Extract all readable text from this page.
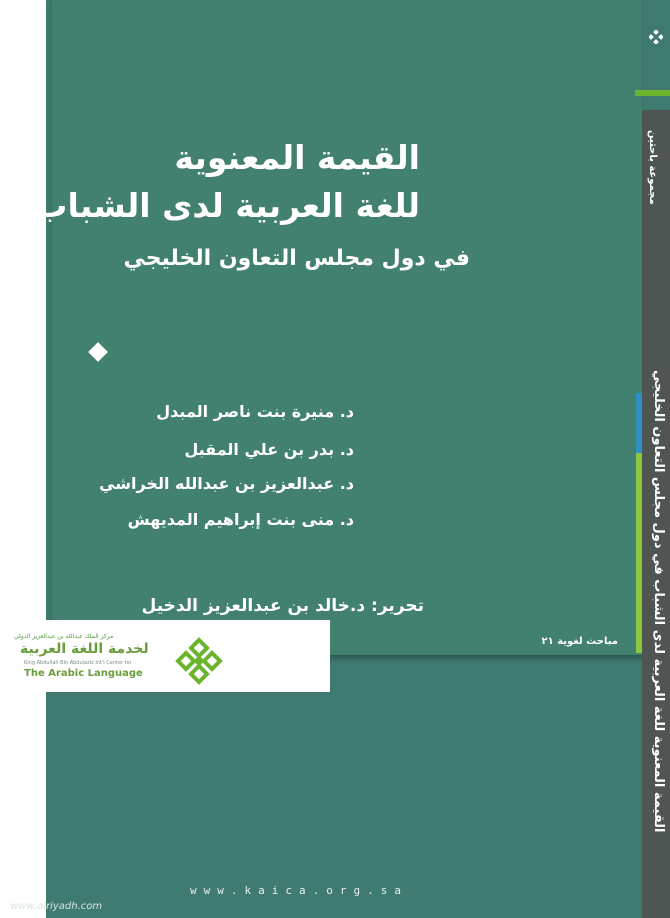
القيمة المعنوية
للغة العربية لدى الشباب
في دول مجلس التعاون الخليجي
د. منيرة بنت ناصر المبدل
د. بدر بن علي المقبل
د. عبدالعزيز بن عبدالله الخراشي
د. منى بنت إبراهيم المديهش
تحرير: د.خالد بن عبدالعزيز الدخيل
مباحث لغوية ٢١
مركز الملك عبدالله بن عبدالعزيز الدولي
لخدمة اللغة العربية
King Abdullah Bin Abdulaziz Int'l Center for
The Arabic Language
مجموعة باحثين
القيمة المعنوية للغة العربية لدى الشباب في دول مجلس التعاون الخليجي
www.kaica.org.sa
www.alriyadh.com
